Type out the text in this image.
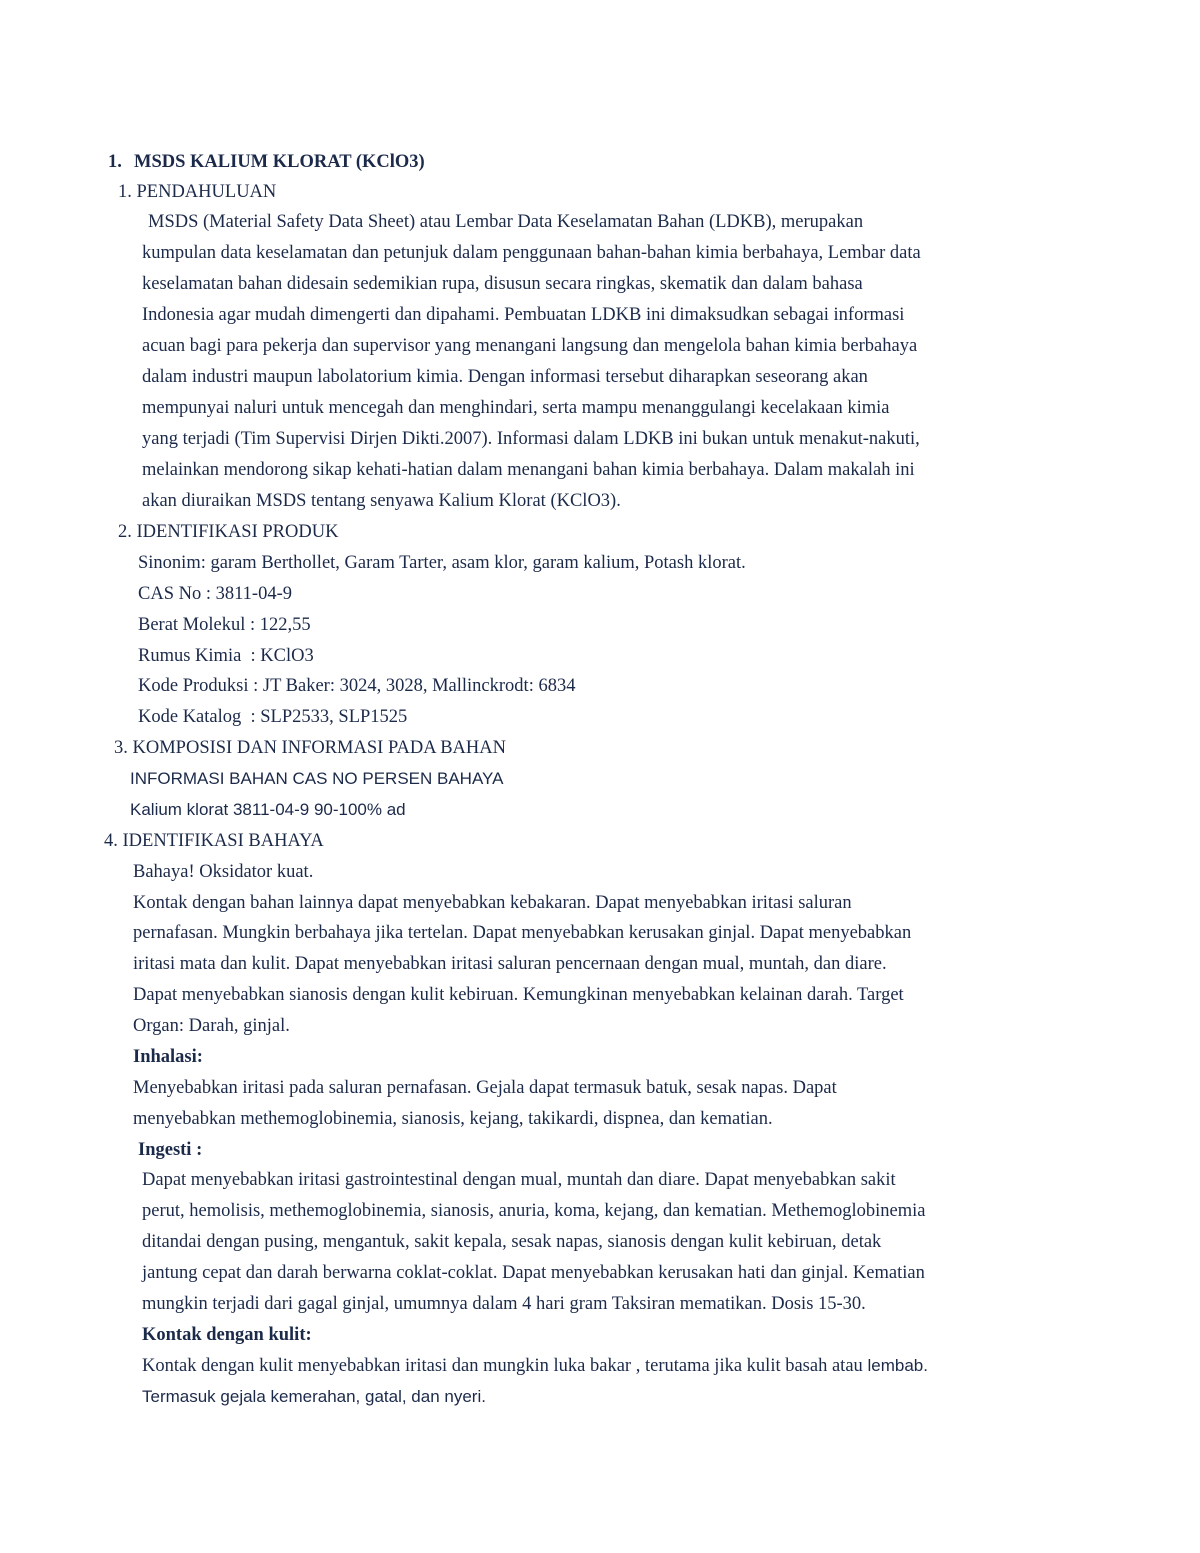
1. MSDS KALIUM KLORAT (KClO3)
1. PENDAHULUAN
MSDS (Material Safety Data Sheet) atau Lembar Data Keselamatan Bahan (LDKB), merupakan
kumpulan data keselamatan dan petunjuk dalam penggunaan bahan-bahan kimia berbahaya, Lembar data
keselamatan bahan didesain sedemikian rupa, disusun secara ringkas, skematik dan dalam bahasa
Indonesia agar mudah dimengerti dan dipahami. Pembuatan LDKB ini dimaksudkan sebagai informasi
acuan bagi para pekerja dan supervisor yang menangani langsung dan mengelola bahan kimia berbahaya
dalam industri maupun labolatorium kimia. Dengan informasi tersebut diharapkan seseorang akan
mempunyai naluri untuk mencegah dan menghindari, serta mampu menanggulangi kecelakaan kimia
yang terjadi (Tim Supervisi Dirjen Dikti.2007). Informasi dalam LDKB ini bukan untuk menakut-nakuti,
melainkan mendorong sikap kehati-hatian dalam menangani bahan kimia berbahaya. Dalam makalah ini
akan diuraikan MSDS tentang senyawa Kalium Klorat (KClO3).
2. IDENTIFIKASI PRODUK
Sinonim: garam Berthollet, Garam Tarter, asam klor, garam kalium, Potash klorat.
CAS No : 3811-04-9
Berat Molekul : 122,55
Rumus Kimia  : KClO3
Kode Produksi : JT Baker: 3024, 3028, Mallinckrodt: 6834
Kode Katalog  : SLP2533, SLP1525
3. KOMPOSISI DAN INFORMASI PADA BAHAN
INFORMASI BAHAN CAS NO PERSEN BAHAYA
Kalium klorat 3811-04-9 90-100% ad
4. IDENTIFIKASI BAHAYA
Bahaya! Oksidator kuat.
Kontak dengan bahan lainnya dapat menyebabkan kebakaran. Dapat menyebabkan iritasi saluran
pernafasan. Mungkin berbahaya jika tertelan. Dapat menyebabkan kerusakan ginjal. Dapat menyebabkan
iritasi mata dan kulit. Dapat menyebabkan iritasi saluran pencernaan dengan mual, muntah, dan diare.
Dapat menyebabkan sianosis dengan kulit kebiruan. Kemungkinan menyebabkan kelainan darah. Target
Organ: Darah, ginjal.
Inhalasi:
Menyebabkan iritasi pada saluran pernafasan. Gejala dapat termasuk batuk, sesak napas. Dapat
menyebabkan methemoglobinemia, sianosis, kejang, takikardi, dispnea, dan kematian.
Ingesti :
Dapat menyebabkan iritasi gastrointestinal dengan mual, muntah dan diare. Dapat menyebabkan sakit
perut, hemolisis, methemoglobinemia, sianosis, anuria, koma, kejang, dan kematian. Methemoglobinemia
ditandai dengan pusing, mengantuk, sakit kepala, sesak napas, sianosis dengan kulit kebiruan, detak
jantung cepat dan darah berwarna coklat-coklat. Dapat menyebabkan kerusakan hati dan ginjal. Kematian
mungkin terjadi dari gagal ginjal, umumnya dalam 4 hari gram Taksiran mematikan. Dosis 15-30.
Kontak dengan kulit:
Kontak dengan kulit menyebabkan iritasi dan mungkin luka bakar , terutama jika kulit basah atau lembab.
Termasuk gejala kemerahan, gatal, dan nyeri.
